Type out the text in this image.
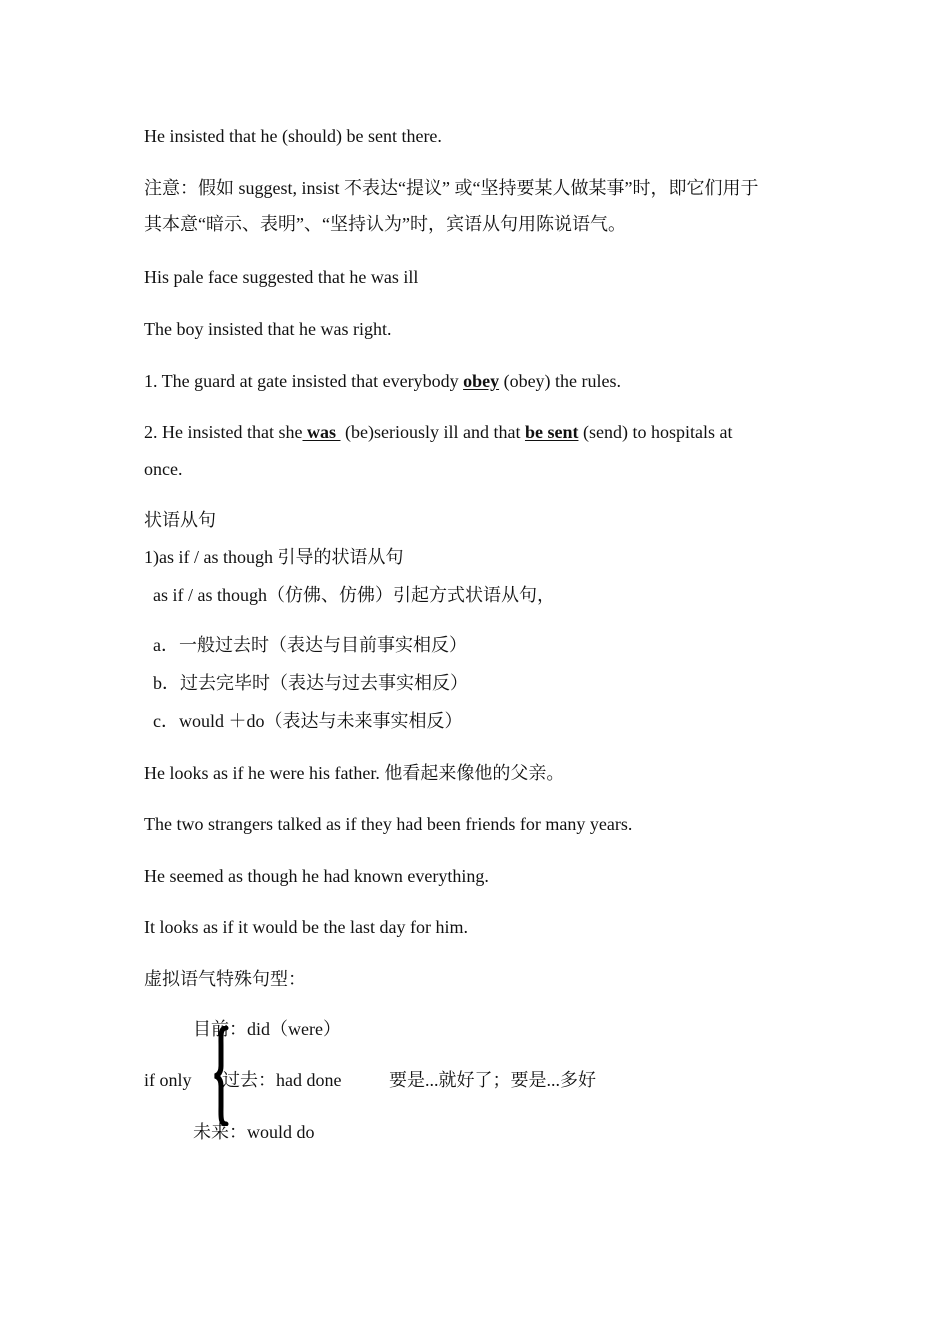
He insisted that he (should) be sent there.
注意：假如 suggest, insist 不表达“提议” 或“坚持要某人做某事”时，即它们用于
其本意“暗示、表明”、“坚持认为”时，宾语从句用陈说语气。
His pale face suggested that he was ill
The boy insisted that he was right.
1. The guard at gate insisted that everybody obey (obey) the rules.
2. He insisted that she was  (be)seriously ill and that be sent (send) to hospitals at
once.
状语从句
1)as if / as though 引导的状语从句
as if / as though（仿佛、仿佛）引起方式状语从句，
a．一般过去时（表达与目前事实相反）
b．过去完毕时（表达与过去事实相反）
c．would ＋do（表达与未来事实相反）
He looks as if he were his father. 他看起来像他的父亲。
The two strangers talked as if they had been friends for many years.
He seemed as though he had known everything.
It looks as if it would be the last day for him.
虚拟语气特殊句型：
目前：did（were）
if only 过去：had done	要是...就好了；要是...多好
未来：would do
